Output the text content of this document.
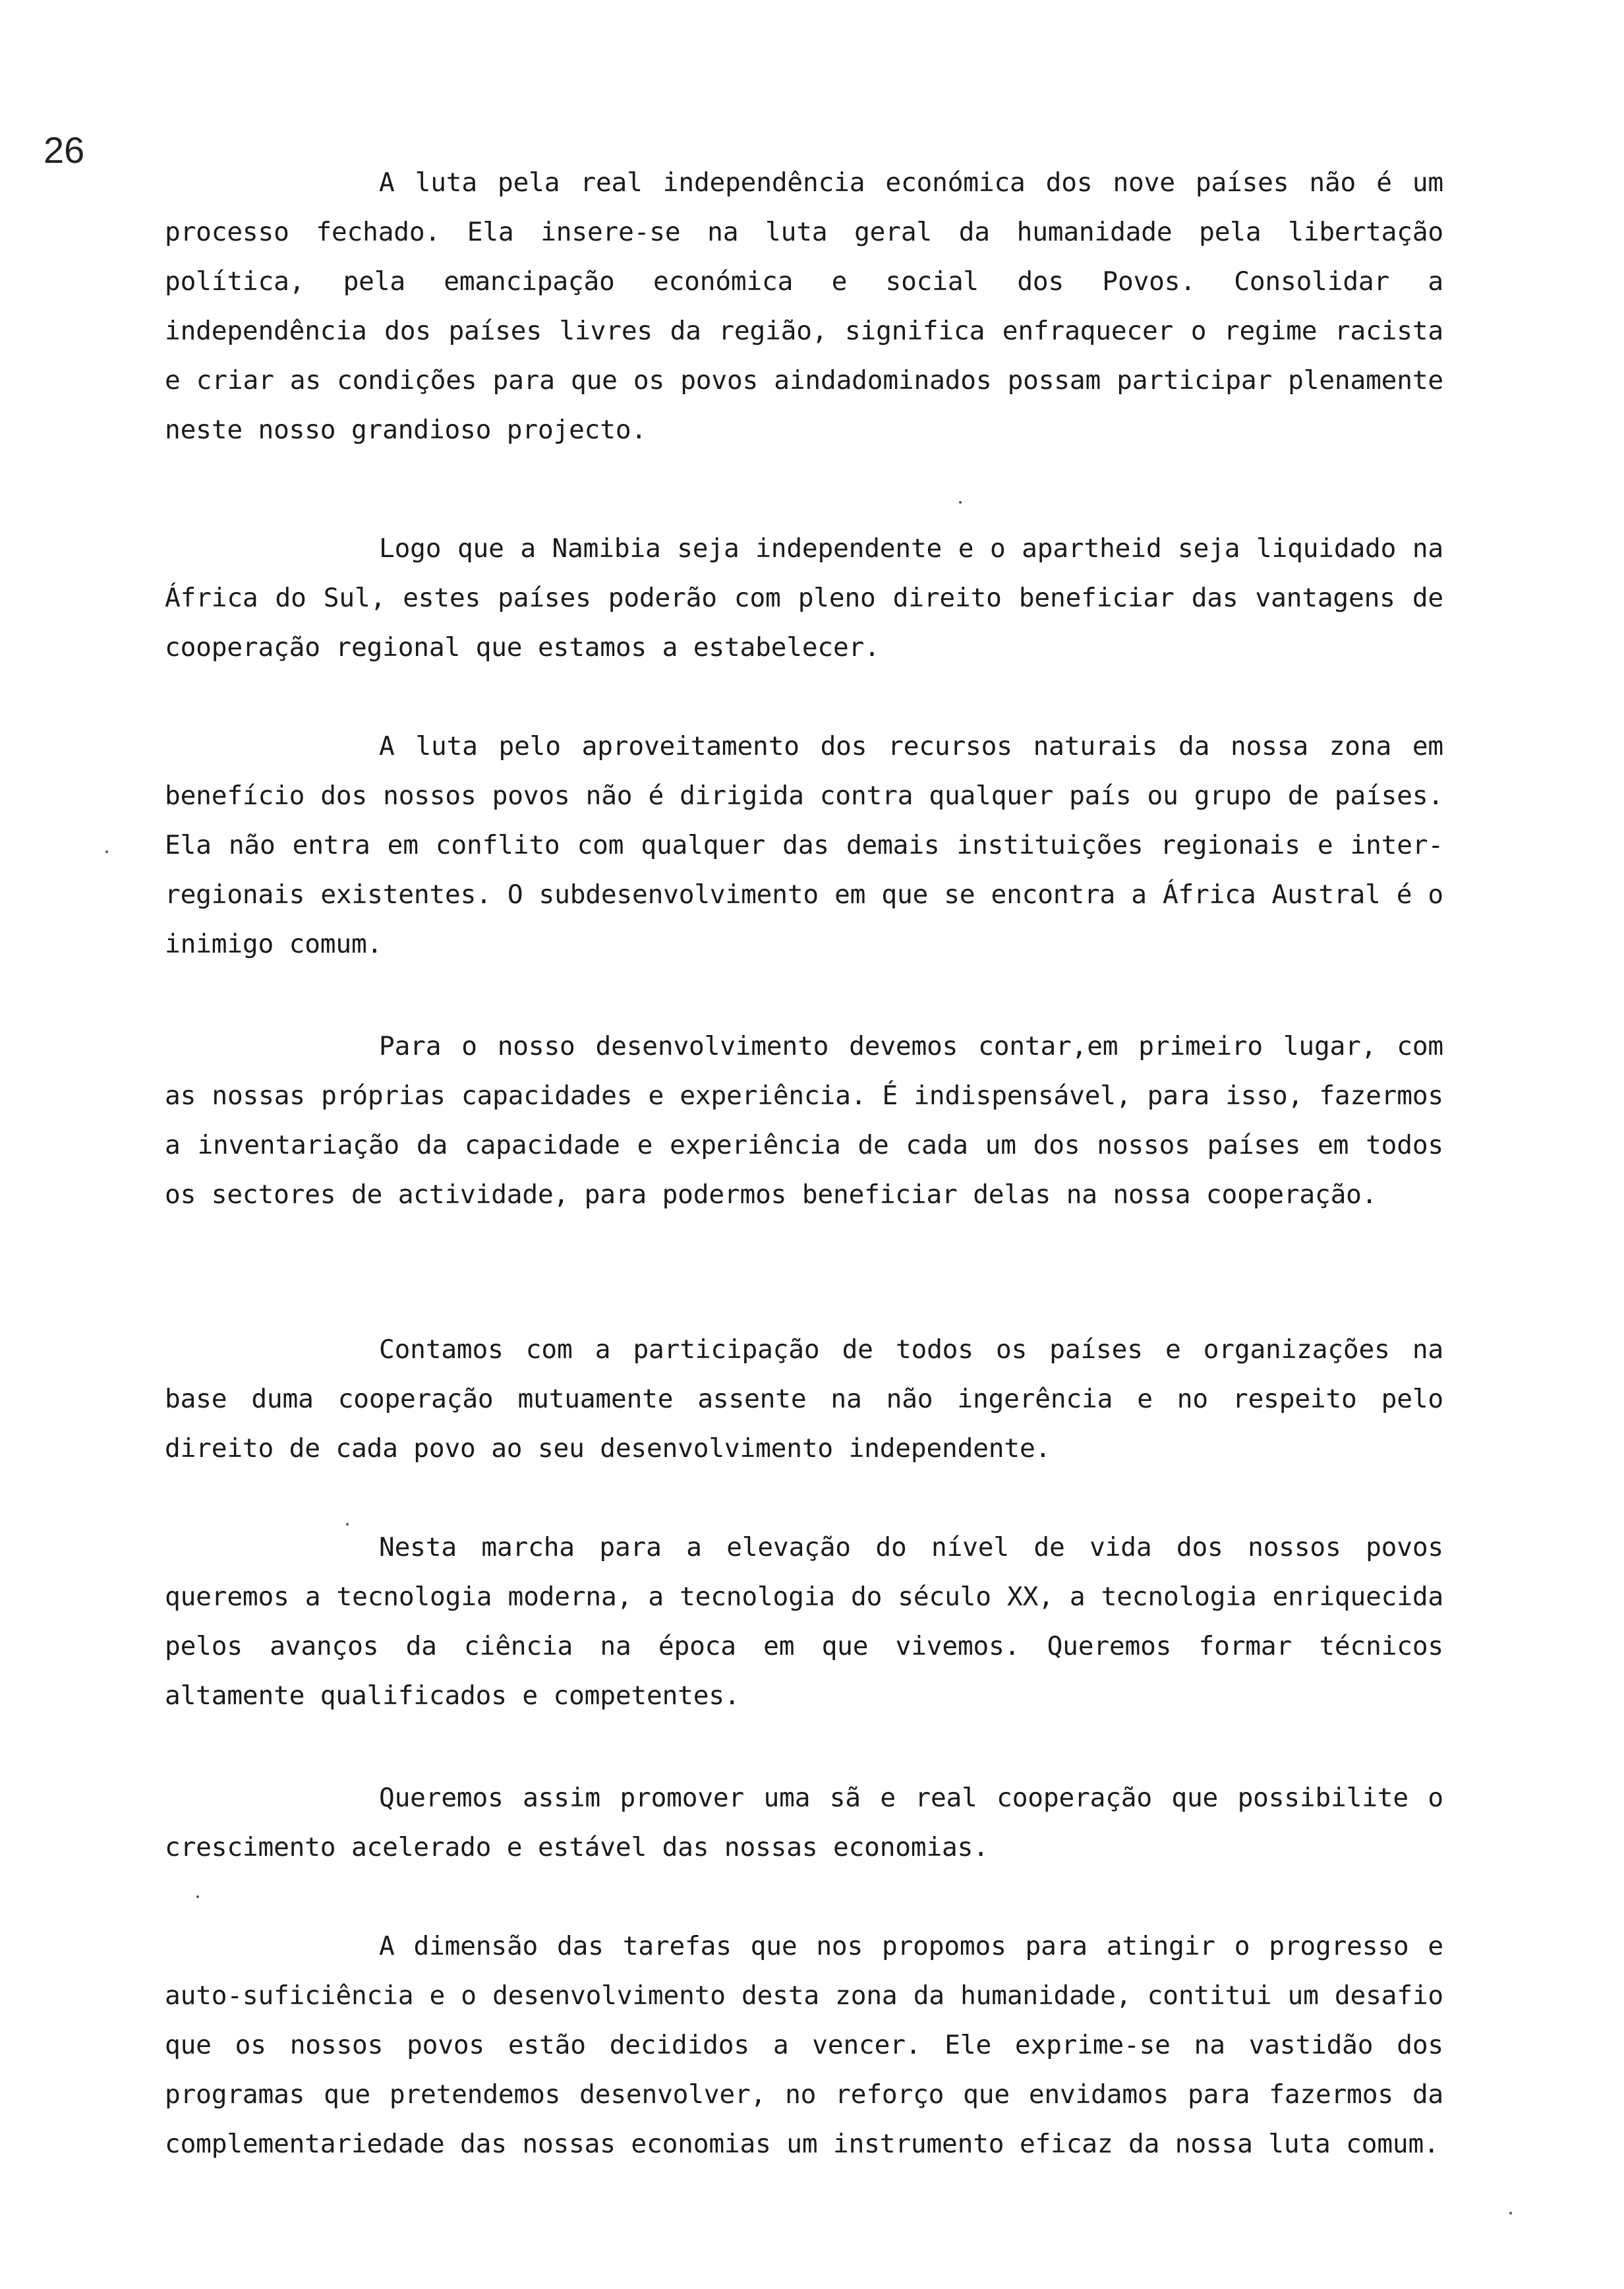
26

A luta pela real independência económica dos nove países não é um processo fechado. Ela insere-se na luta geral da humanidade pela libertação política, pela emancipação económica e social dos Povos. Consolidar a independência dos países livres da região, significa enfraquecer o regime racista e criar as condições para que os povos aindadominados possam participar plenamente neste nosso grandioso projecto.

Logo que a Namibia seja independente e o apartheid seja liquidado na África do Sul, estes países poderão com pleno direito beneficiar das vantagens de cooperação regional que estamos a estabelecer.

A luta pelo aproveitamento dos recursos naturais da nossa zona em benefício dos nossos povos não é dirigida contra qualquer país ou grupo de países. Ela não entra em conflito com qualquer das demais instituições regionais e inter-regionais existentes. O subdesenvolvimento em que se encontra a África Austral é o inimigo comum.

Para o nosso desenvolvimento devemos contar,em primeiro lugar, com as nossas próprias capacidades e experiência. É indispensável, para isso, fazermos a inventariação da capacidade e experiência de cada um dos nossos países em todos os sectores de actividade, para podermos beneficiar delas na nossa cooperação.

Contamos com a participação de todos os países e organizações na base duma cooperação mutuamente assente na não ingerência e no respeito pelo direito de cada povo ao seu desenvolvimento independente.

Nesta marcha para a elevação do nível de vida dos nossos povos queremos a tecnologia moderna, a tecnologia do século XX, a tecnologia enriquecida pelos avanços da ciência na época em que vivemos. Queremos formar técnicos altamente qualificados e competentes.

Queremos assim promover uma sã e real cooperação que possibilite o crescimento acelerado e estável das nossas economias.

A dimensão das tarefas que nos propomos para atingir o progresso e auto-suficiência e o desenvolvimento desta zona da humanidade, contitui um desafio que os nossos povos estão decididos a vencer. Ele exprime-se na vastidão dos programas que pretendemos desenvolver, no reforço que envidamos para fazermos da complementariedade das nossas economias um instrumento eficaz da nossa luta comum.
